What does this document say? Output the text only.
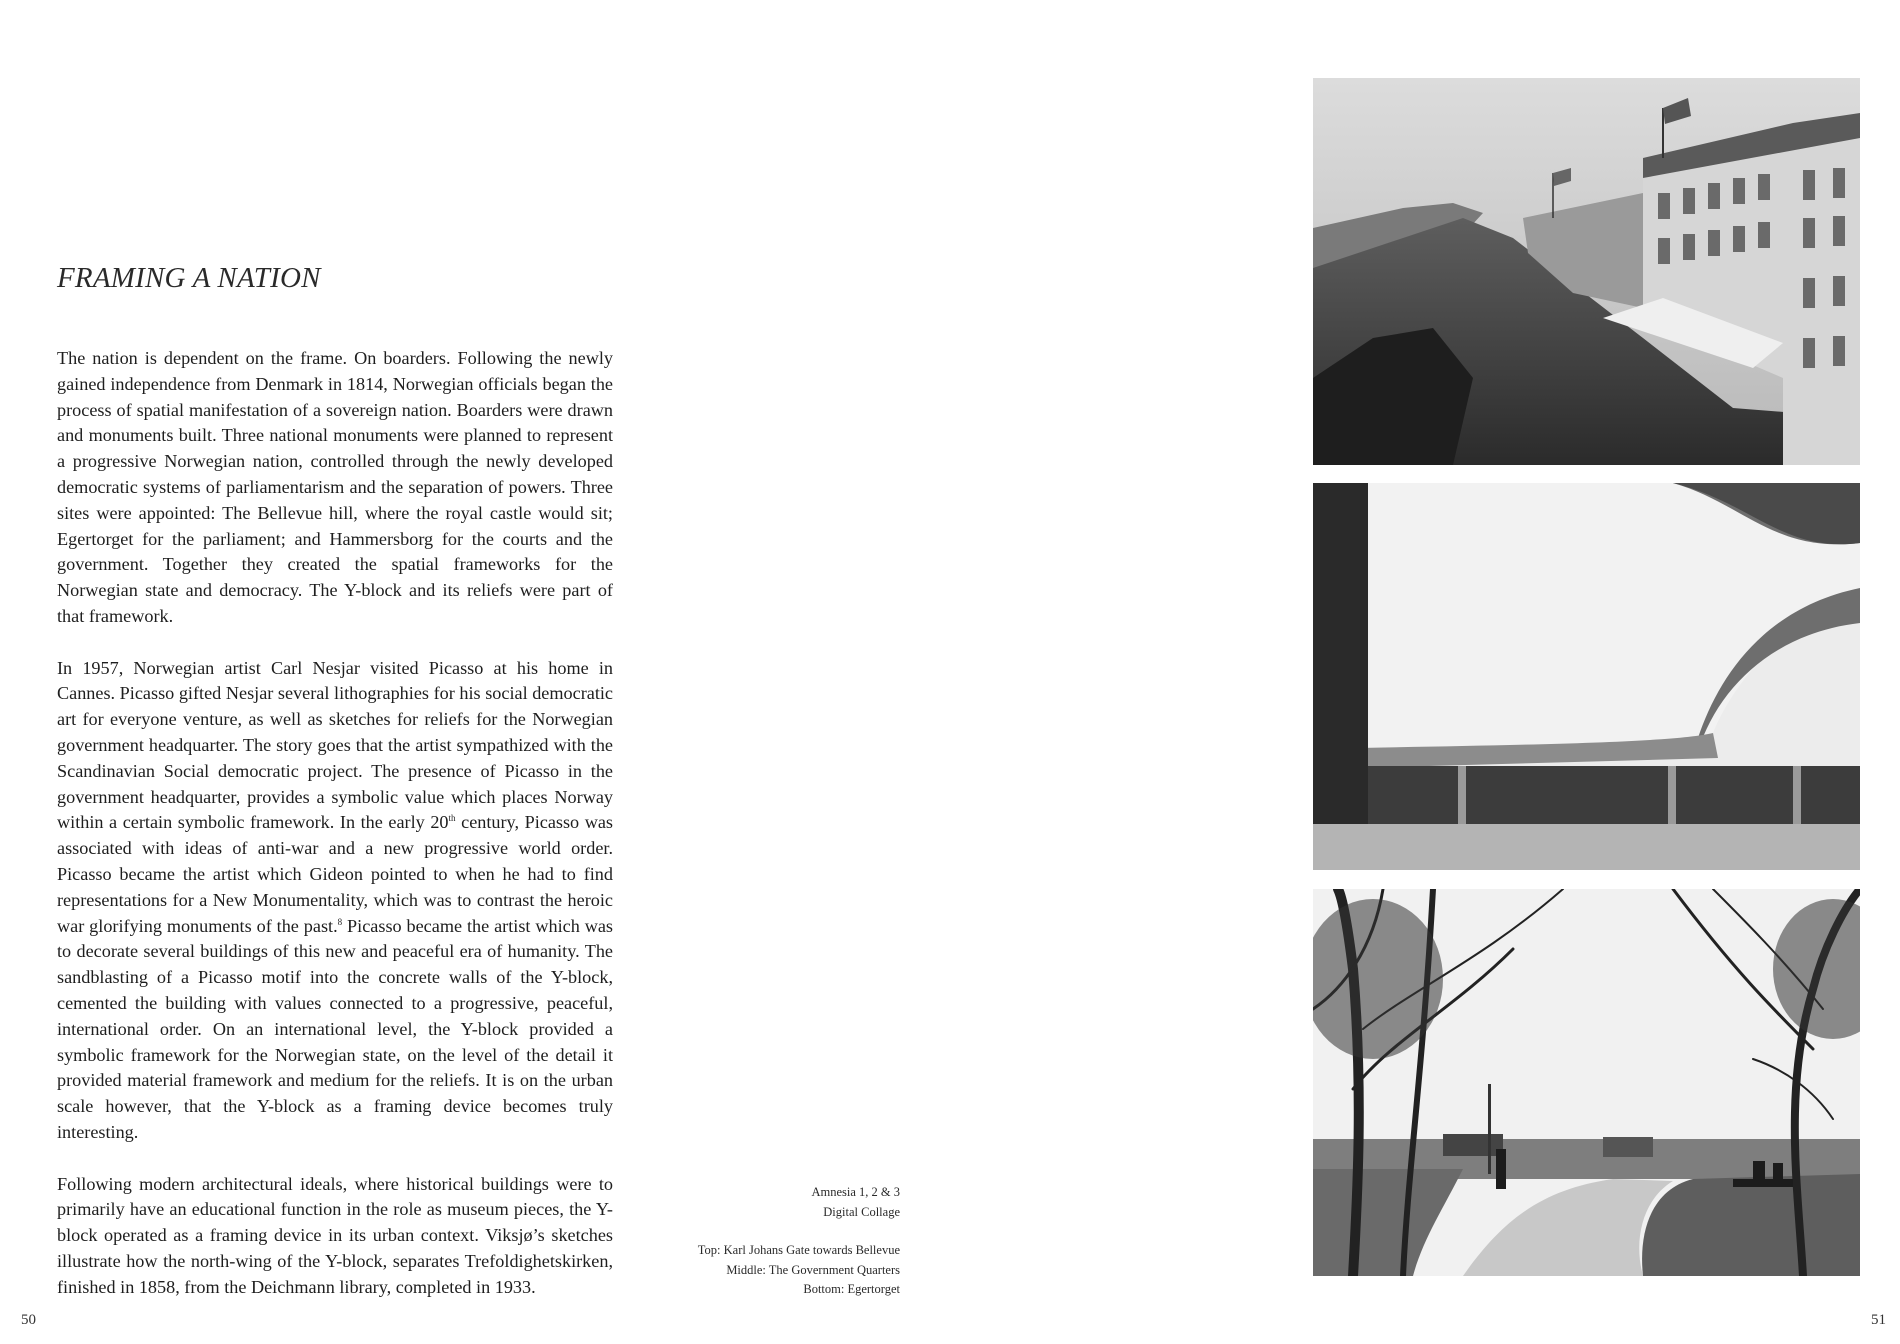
FRAMING A NATION

The nation is dependent on the frame. On boarders. Following the newly gained independence from Denmark in 1814, Norwegian officials began the process of spatial manifestation of a sovereign nation. Boarders were drawn and monuments built. Three national monuments were planned to represent a progressive Norwegian nation, controlled through the newly developed democratic systems of parliamentarism and the separation of powers. Three sites were appointed: The Bellevue hill, where the royal castle would sit; Egertorget for the parliament; and Hammersborg for the courts and the government. Together they created the spatial frameworks for the Norwegian state and democracy. The Y-block and its reliefs were part of that framework.

In 1957, Norwegian artist Carl Nesjar visited Picasso at his home in Cannes. Picasso gifted Nesjar several lithographies for his social democratic art for everyone venture, as well as sketches for reliefs for the Norwegian government headquarter. The story goes that the artist sympathized with the Scandinavian Social democratic project. The presence of Picasso in the government headquarter, provides a symbolic value which places Norway within a certain symbolic framework. In the early 20th century, Picasso was associated with ideas of anti-war and a new progressive world order. Picasso became the artist which Gideon pointed to when he had to find representations for a New Monumentality, which was to contrast the heroic war glorifying monuments of the past.$^8$ Picasso became the artist which was to decorate several buildings of this new and peaceful era of humanity. The sandblasting of a Picasso motif into the concrete walls of the Y-block, cemented the building with values connected to a progressive, peaceful, international order. On an international level, the Y-block provided a symbolic framework for the Norwegian state, on the level of the detail it provided material framework and medium for the reliefs. It is on the urban scale however, that the Y-block as a framing device becomes truly interesting.

Following modern architectural ideals, where historical buildings were to primarily have an educational function in the role as museum pieces, the Y-block operated as a framing device in its urban context. Viksjø’s sketches illustrate how the north-wing of the Y-block, separates Trefoldighetskirken, finished in 1858, from the Deichmann library, completed in 1933.

Amnesia 1, 2 & 3
Digital Collage
Top: Karl Johans Gate towards Bellevue
Middle: The Government Quarters
Bottom: Egertorget
50	51
